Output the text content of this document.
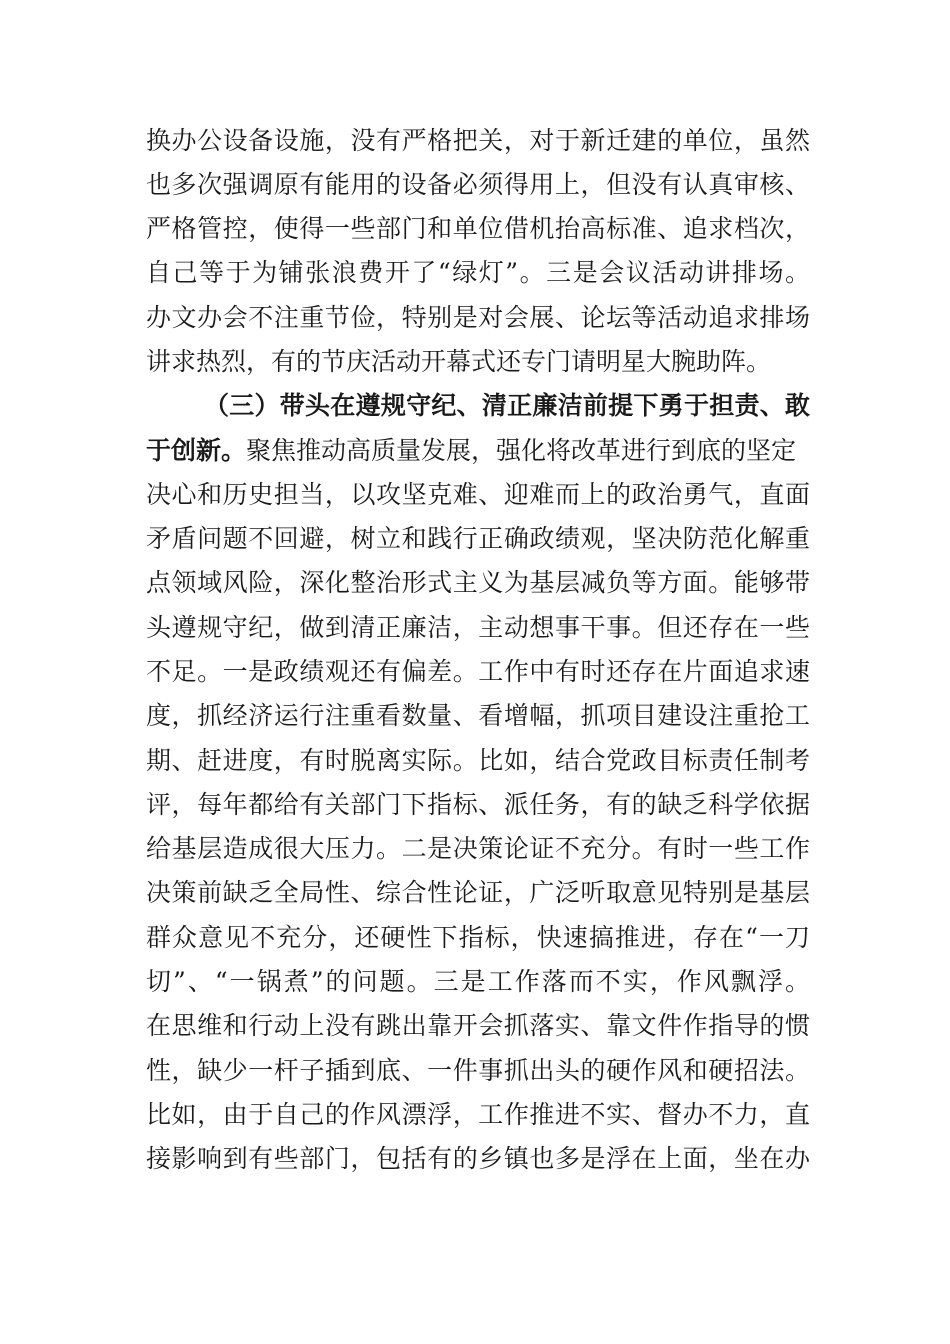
换办公设备设施，没有严格把关，对于新迁建的单位，虽然
也多次强调原有能用的设备必须得用上，但没有认真审核、
严格管控，使得一些部门和单位借机抬高标准、追求档次，
自己等于为铺张浪费开了“绿灯”。三是会议活动讲排场。
办文办会不注重节俭，特别是对会展、论坛等活动追求排场
讲求热烈，有的节庆活动开幕式还专门请明星大腕助阵。
（三）带头在遵规守纪、清正廉洁前提下勇于担责、敢
于创新。聚焦推动高质量发展，强化将改革进行到底的坚定
决心和历史担当，以攻坚克难、迎难而上的政治勇气，直面
矛盾问题不回避，树立和践行正确政绩观，坚决防范化解重
点领域风险，深化整治形式主义为基层减负等方面。能够带
头遵规守纪，做到清正廉洁，主动想事干事。但还存在一些
不足。一是政绩观还有偏差。工作中有时还存在片面追求速
度，抓经济运行注重看数量、看增幅，抓项目建设注重抢工
期、赶进度，有时脱离实际。比如，结合党政目标责任制考
评，每年都给有关部门下指标、派任务，有的缺乏科学依据
给基层造成很大压力。二是决策论证不充分。有时一些工作
决策前缺乏全局性、综合性论证，广泛听取意见特别是基层
群众意见不充分，还硬性下指标，快速搞推进，存在“一刀
切”、“一锅煮”的问题。三是工作落而不实，作风飘浮。
在思维和行动上没有跳出靠开会抓落实、靠文件作指导的惯
性，缺少一杆子插到底、一件事抓出头的硬作风和硬招法。
比如，由于自己的作风漂浮，工作推进不实、督办不力，直
接影响到有些部门，包括有的乡镇也多是浮在上面，坐在办
